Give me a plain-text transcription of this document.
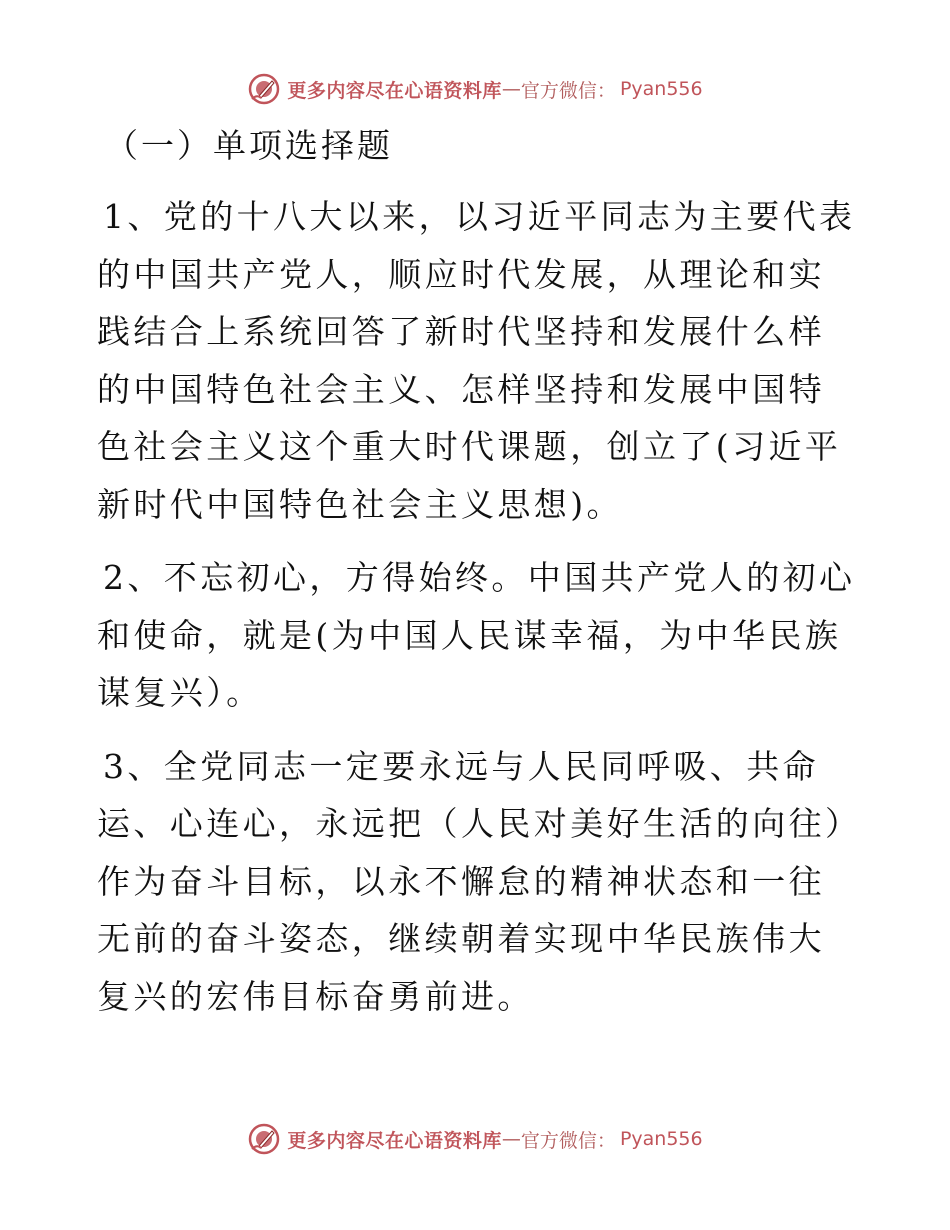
更多内容尽在心语资料库 — 官方微信： Pyan556
（一）单项选择题

1、党的十八大以来，以习近平同志为主要代表的中国共产党人，顺应时代发展，从理论和实践结合上系统回答了新时代坚持和发展什么样的中国特色社会主义、怎样坚持和发展中国特色社会主义这个重大时代课题，创立了(习近平新时代中国特色社会主义思想)。

2、不忘初心，方得始终。中国共产党人的初心和使命，就是(为中国人民谋幸福，为中华民族谋复兴）。

3、全党同志一定要永远与人民同呼吸、共命运、心连心，永远把（人民对美好生活的向往）作为奋斗目标，以永不懈怠的精神状态和一往无前的奋斗姿态，继续朝着实现中华民族伟大复兴的宏伟目标奋勇前进。

更多内容尽在心语资料库 — 官方微信： Pyan556
